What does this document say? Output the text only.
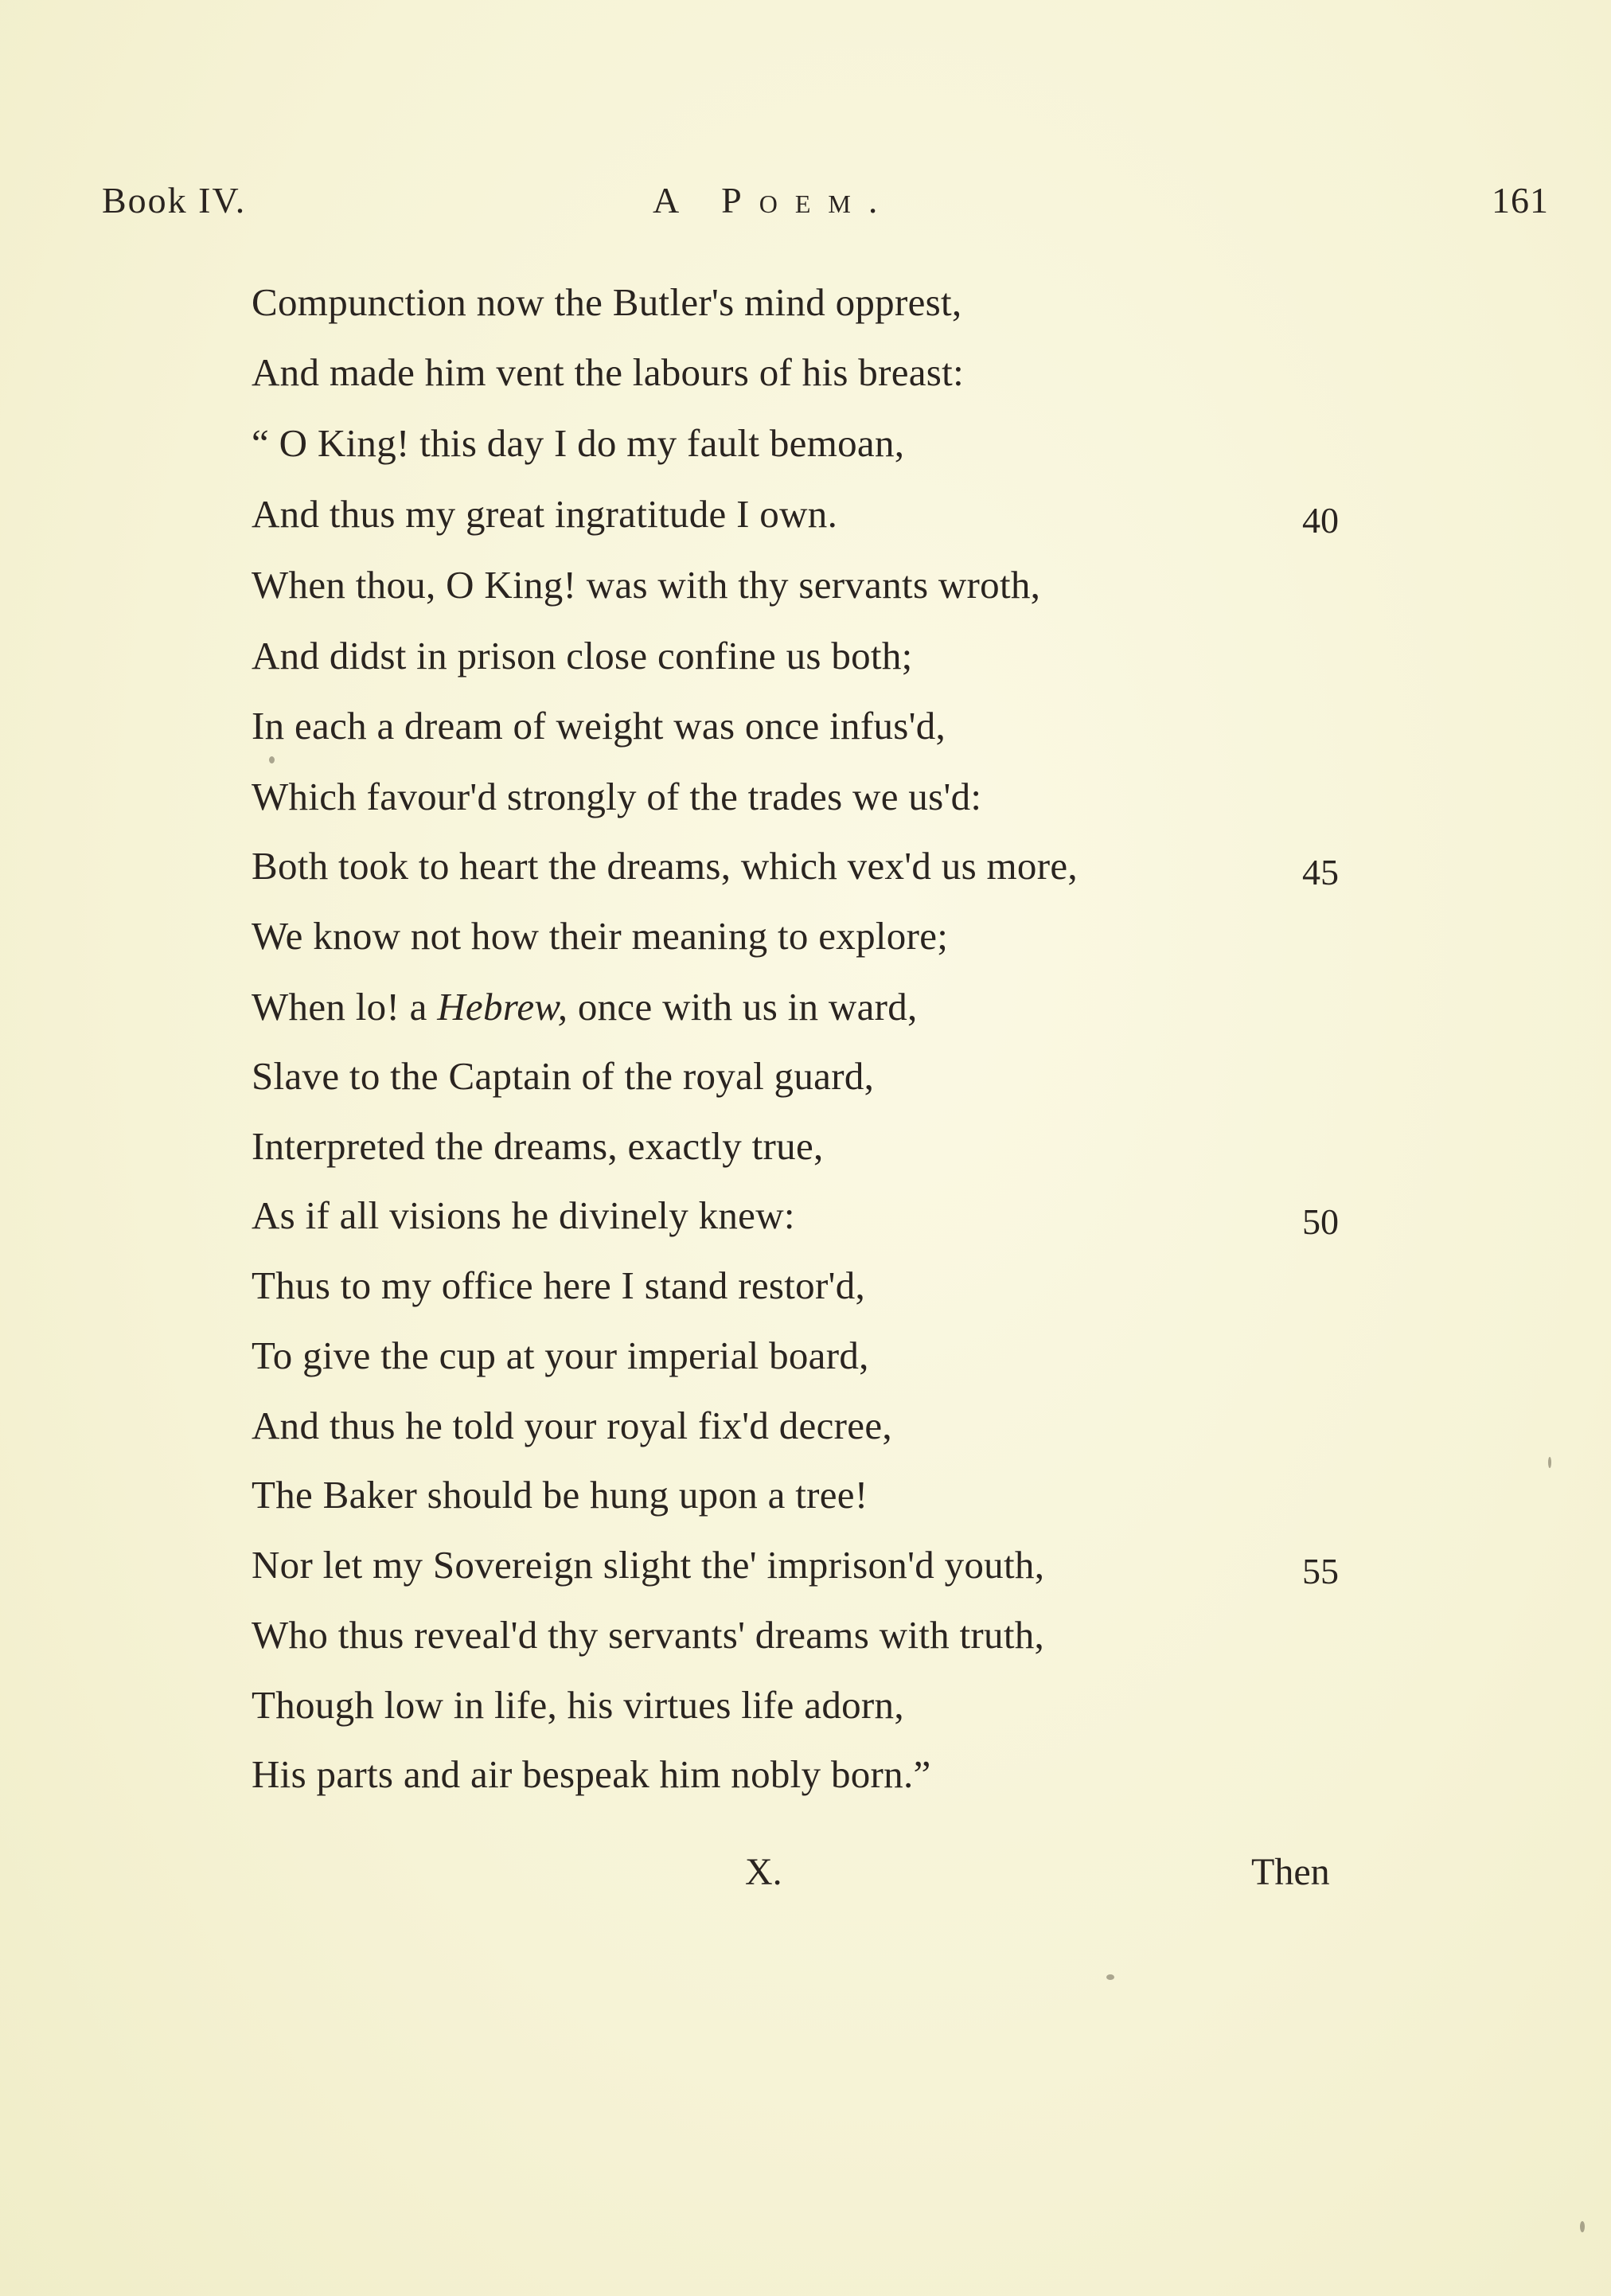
Book IV.	A Poem.	161
Compunction now the Butler's mind opprest,
And made him vent the labours of his breast:
“ O King! this day I do my fault bemoan,
And thus my great ingratitude I own.	40
When thou, O King! was with thy servants wroth,
And didst in prison close confine us both;
In each a dream of weight was once infus'd,
Which favour'd strongly of the trades we us'd:
Both took to heart the dreams, which vex'd us more,	45
We know not how their meaning to explore;
When lo! a Hebrew, once with us in ward,
Slave to the Captain of the royal guard,
Interpreted the dreams, exactly true,
As if all visions he divinely knew:	50
Thus to my office here I stand restor'd,
To give the cup at your imperial board,
And thus he told your royal fix'd decree,
The Baker should be hung upon a tree!
Nor let my Sovereign slight the' imprison'd youth,	55
Who thus reveal'd thy servants' dreams with truth,
Though low in life, his virtues life adorn,
His parts and air bespeak him nobly born.”
X.	Then
